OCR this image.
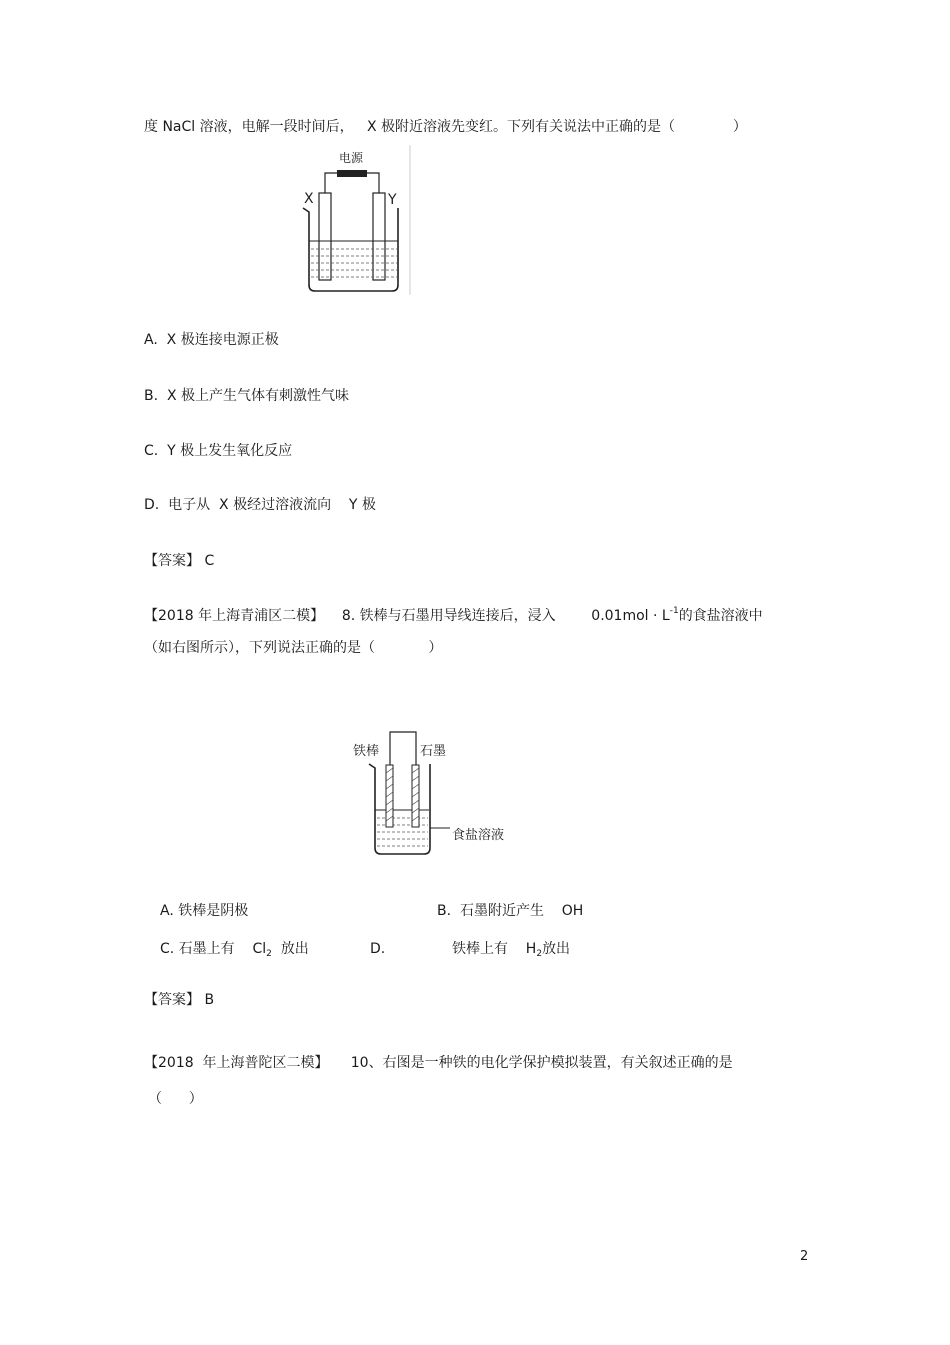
度 NaCl 溶液，电解一段时间后，   X 极附近溶液先变红。下列有关说法中正确的是（             ）
电源
X	Y
A.  X 极连接电源正极
B.  X 极上产生气体有刺激性气味
C.  Y 极上发生氧化反应
D.  电子从  X 极经过溶液流向    Y 极
【答案】 C
【2018 年上海青浦区二模】    8. 铁棒与石墨用导线连接后，浸入        $0.01mol \cdot L^{-1}$的食盐溶液中
（如右图所示），下列说法正确的是（            ）
铁棒	石墨
食盐溶液
A. 铁棒是阴极	B.  石墨附近产生    OH
C. 石墨上有    $Cl_2$  放出	D.	铁棒上有    $H_2$放出
【答案】 B
【2018  年上海普陀区二模】     10、右图是一种铁的电化学保护模拟装置，有关叙述正确的是
（      ）
2
